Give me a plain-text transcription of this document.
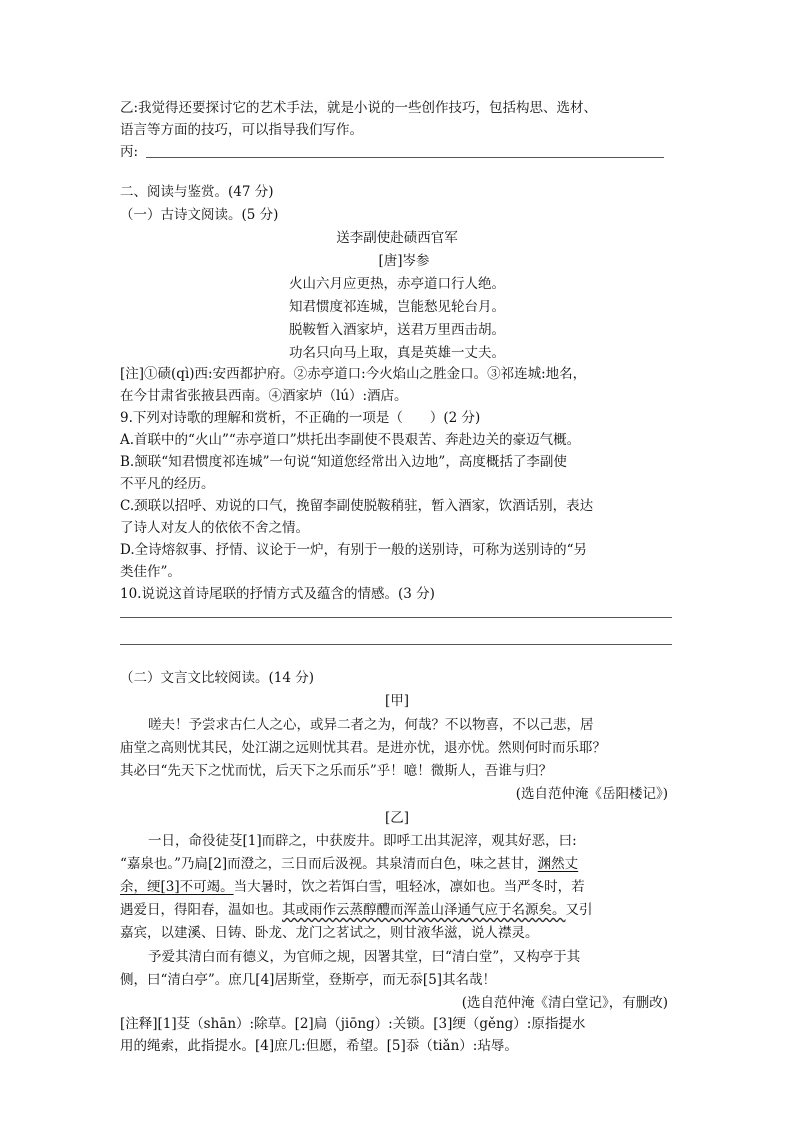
乙:我觉得还要探讨它的艺术手法，就是小说的一些创作技巧，包括构思、选材、
语言等方面的技巧，可以指导我们写作。
丙:
二、阅读与鉴赏。(47 分)
（一）古诗文阅读。(5 分)
送李副使赴碛西官军
[唐]岑参
火山六月应更热，赤亭道口行人绝。
知君惯度祁连城，岂能愁见轮台月。
脱鞍暂入酒家垆，送君万里西击胡。
功名只向马上取，真是英雄一丈夫。
[注]①碛(qì)西:安西都护府。②赤亭道口:今火焰山之胜金口。③祁连城:地名，
在今甘肃省张掖县西南。④酒家垆（lú）:酒店。
9.下列对诗歌的理解和赏析，不正确的一项是（　　）(2 分)
A.首联中的“火山”“赤亭道口”烘托出李副使不畏艰苦、奔赴边关的豪迈气概。
B.颔联“知君惯度祁连城”一句说“知道您经常出入边地”，高度概括了李副使
不平凡的经历。
C.颈联以招呼、劝说的口气，挽留李副使脱鞍稍驻，暂入酒家，饮酒话别，表达
了诗人对友人的依依不舍之情。
D.全诗熔叙事、抒情、议论于一炉，有别于一般的送别诗，可称为送别诗的“另
类佳作”。
10.说说这首诗尾联的抒情方式及蕴含的情感。(3 分)
（二）文言文比较阅读。(14 分)
[甲]
嗟夫！予尝求古仁人之心，或异二者之为，何哉？不以物喜，不以己悲，居
庙堂之高则忧其民，处江湖之远则忧其君。是进亦忧，退亦忧。然则何时而乐耶？
其必曰“先天下之忧而忧，后天下之乐而乐”乎！噫！微斯人，吾谁与归？
(选自范仲淹《岳阳楼记》)
[乙]
一日，命役徒芟[1]而辟之，中获废井。即呼工出其泥滓，观其好恶，曰:
“嘉泉也。”乃扃[2]而澄之，三日而后汲视。其泉清而白色，味之甚甘，渊然丈
余，绠[3]不可竭。当大暑时，饮之若饵白雪，咀轻冰，凛如也。当严冬时，若
遇爱日，得阳春，温如也。其或雨作云蒸醇醴而浑盖山泽通气应于名源矣。又引
嘉宾，以建溪、日铸、卧龙、龙门之茗试之，则甘液华滋，说人襟灵。
予爱其清白而有德义，为官师之规，因署其堂，曰“清白堂”，又构亭于其
侧，曰“清白亭”。庶几[4]居斯堂，登斯亭，而无忝[5]其名哉！
(选自范仲淹《清白堂记》，有删改)
[注释][1]芟（shān）:除草。[2]扃（jiōng）:关锁。[3]绠（gěng）:原指提水
用的绳索，此指提水。[4]庶几:但愿，希望。[5]忝（tiǎn）:玷辱。
